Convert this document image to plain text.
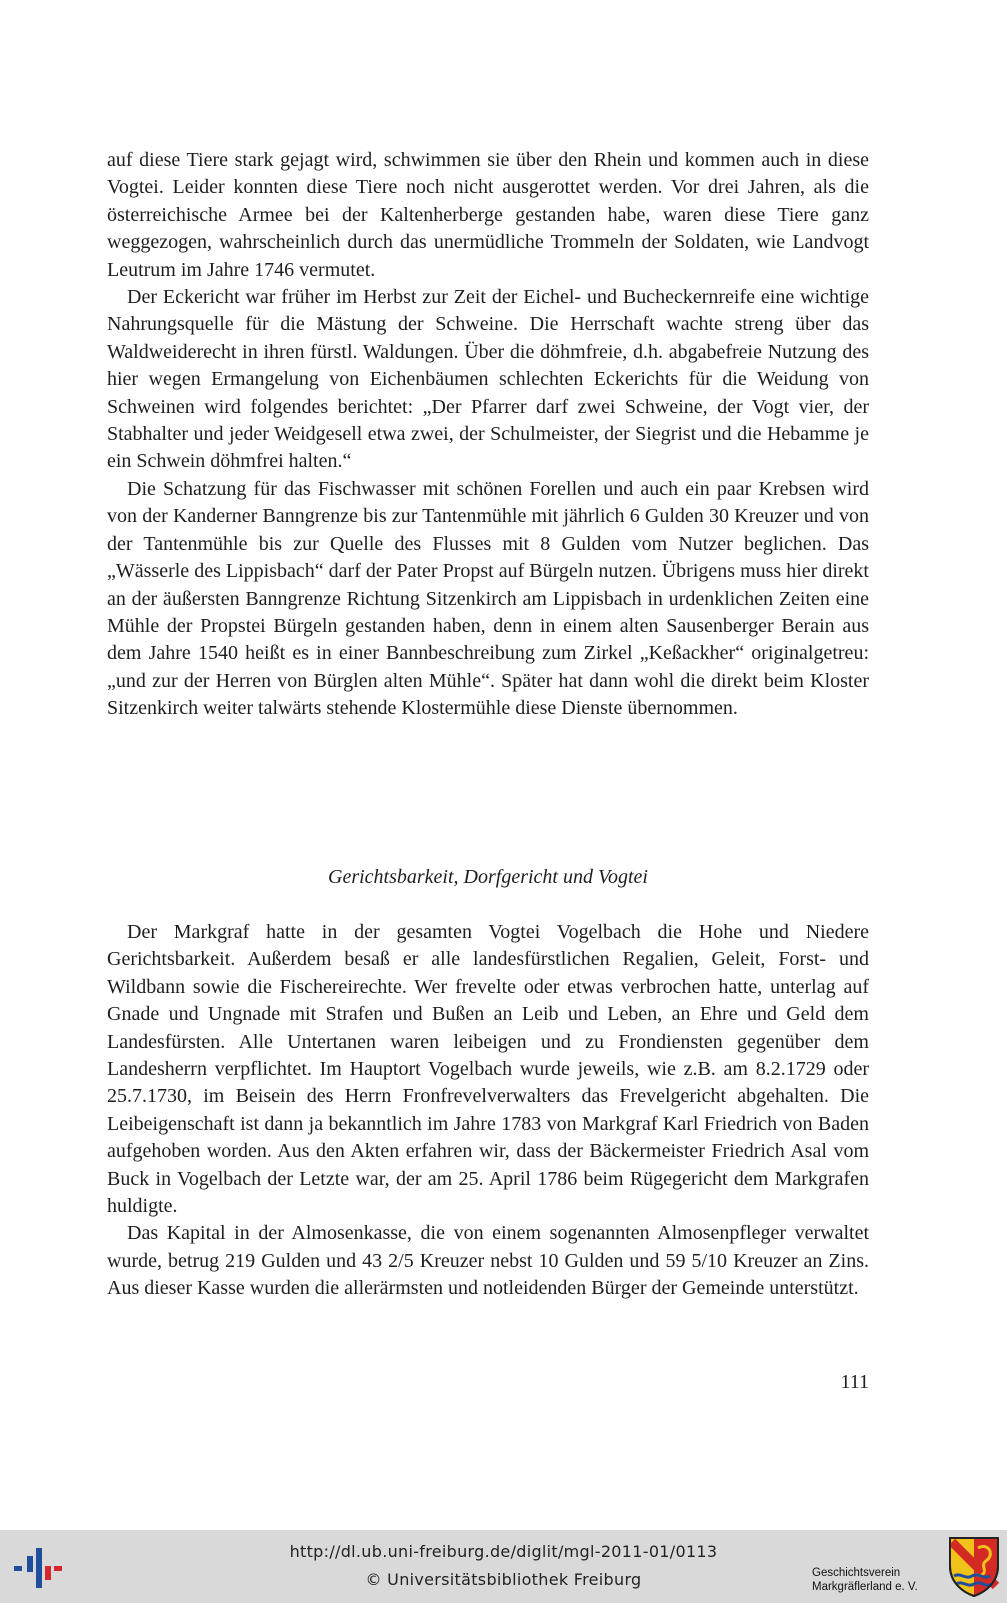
auf diese Tiere stark gejagt wird, schwimmen sie über den Rhein und kommen auch in diese Vogtei. Leider konnten diese Tiere noch nicht ausgerottet werden. Vor drei Jahren, als die österreichische Armee bei der Kaltenherberge gestanden habe, waren diese Tiere ganz weggezogen, wahrscheinlich durch das unermüdliche Trommeln der Soldaten, wie Landvogt Leutrum im Jahre 1746 vermutet.

Der Eckericht war früher im Herbst zur Zeit der Eichel- und Bucheckernreife eine wichtige Nahrungsquelle für die Mästung der Schweine. Die Herrschaft wachte streng über das Waldweiderecht in ihren fürstl. Waldungen. Über die döhmfreie, d.h. abgabefreie Nutzung des hier wegen Ermangelung von Eichenbäumen schlechten Eckerichts für die Weidung von Schweinen wird folgendes berichtet: „Der Pfarrer darf zwei Schweine, der Vogt vier, der Stabhalter und jeder Weidgesell etwa zwei, der Schulmeister, der Siegrist und die Hebamme je ein Schwein döhmfrei halten.“

Die Schatzung für das Fischwasser mit schönen Forellen und auch ein paar Krebsen wird von der Kanderner Banngrenze bis zur Tantenmühle mit jährlich 6 Gulden 30 Kreuzer und von der Tantenmühle bis zur Quelle des Flusses mit 8 Gulden vom Nutzer beglichen. Das „Wässerle des Lippisbach“ darf der Pater Propst auf Bürgeln nutzen. Übrigens muss hier direkt an der äußersten Banngrenze Richtung Sitzenkirch am Lippisbach in urdenklichen Zeiten eine Mühle der Propstei Bürgeln gestanden haben, denn in einem alten Sausenberger Berain aus dem Jahre 1540 heißt es in einer Bannbeschreibung zum Zirkel „Keßackher“ originalgetreu: „und zur der Herren von Bürglen alten Mühle“. Später hat dann wohl die direkt beim Kloster Sitzenkirch weiter talwärts stehende Klostermühle diese Dienste übernommen.

Gerichtsbarkeit, Dorfgericht und Vogtei

Der Markgraf hatte in der gesamten Vogtei Vogelbach die Hohe und Niedere Gerichtsbarkeit. Außerdem besaß er alle landesfürstlichen Regalien, Geleit, Forst- und Wildbann sowie die Fischereirechte. Wer frevelte oder etwas verbrochen hatte, unterlag auf Gnade und Ungnade mit Strafen und Bußen an Leib und Leben, an Ehre und Geld dem Landesfürsten. Alle Untertanen waren leibeigen und zu Frondiensten gegenüber dem Landesherrn verpflichtet. Im Hauptort Vogelbach wurde jeweils, wie z.B. am 8.2.1729 oder 25.7.1730, im Beisein des Herrn Fronfrevelverwalters das Frevelgericht abgehalten. Die Leibeigenschaft ist dann ja bekanntlich im Jahre 1783 von Markgraf Karl Friedrich von Baden aufgehoben worden. Aus den Akten erfahren wir, dass der Bäckermeister Friedrich Asal vom Buck in Vogelbach der Letzte war, der am 25. April 1786 beim Rügegericht dem Markgrafen huldigte.

Das Kapital in der Almosenkasse, die von einem sogenannten Almosenpfleger verwaltet wurde, betrug 219 Gulden und 43 2/5 Kreuzer nebst 10 Gulden und 59 5/10 Kreuzer an Zins. Aus dieser Kasse wurden die allerärmsten und notleidenden Bürger der Gemeinde unterstützt.

111
http://dl.ub.uni-freiburg.de/diglit/mgl-2011-01/0113
© Universitätsbibliothek Freiburg	Geschichtsverein
Markgräflerland e. V.
